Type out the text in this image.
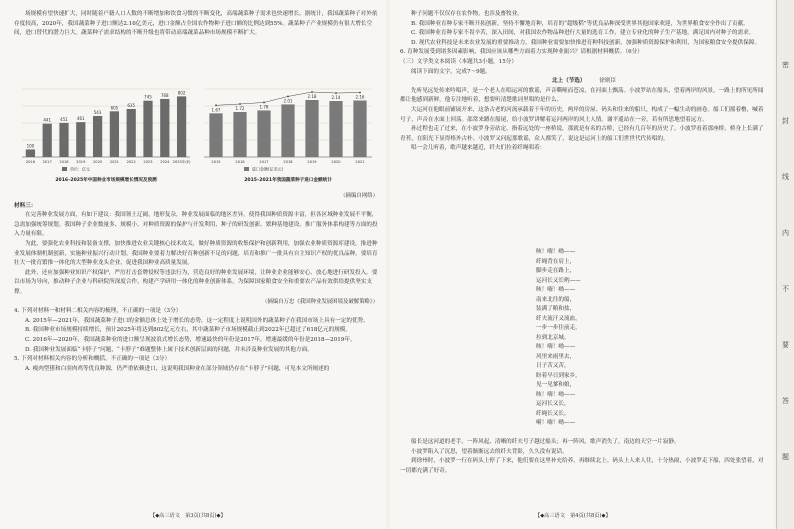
场规模有望快速扩大，同时随着户籍人口人数的不断增加和饮食习惯的不断变化，高端蔬菜种子需求也快速增长。据统计，我国蔬菜种子对外依存度较高，2020年，我国蔬菜种子进口额达2.16亿美元，进口金额占全国农作物种子进口额的比例达到55%。蔬菜种子产业规模仍有很大增长空间，进口替代的潜力巨大。蔬菜种子需求结构的不断升级也将带动高端蔬菜品种市场规模不断扩大。

100
2016
441
2017
451
2018
461
2019
543
2020
605
2021
635
2022
745
2023
768
2024
802
2025年(E)
单位：亿元
2016–2025年中国种业市场规模增长情况及预测
1.67
2015
1.72
2016
1.78
2017
2.01
2018
2.18
2019
2.14
2020
2.16
2021
进口金额(亿美元)
2015–2021年我国蔬菜种子进口金额统计
（摘编自网络）

材料三：

在完善种业发展方面，有如下建议：我国领土辽阔，地形复杂，种业发展面临的地区差异，使得我国种质资源丰富，但各区域种业发展不平衡，急需加强统筹规划。我国种子企业数量多、规模小，对种质资源的保护与开发利用、种子的研发创新、繁种基地建设、推广服务体系构建等方面的投入力量有限。

为此，要强化农业科技和装备支撑，加快推进农业关键核心技术攻关，做好种质资源的收集保护和创新利用，加强农业种质资源库建设，推进种业发展体制机制创新，实施种业振兴行动计划。我国种业要着力解决好育种创新不足的问题，培育和推广一批具有自主知识产权的优良品种。要培育壮大一批育繁推一体化的大型种业龙头企业，促进我国种业高质量发展。

此外，还应加强种业知识产权保护，严厉打击套牌侵权等违法行为，营造良好的种业发展环境，让种业企业能够安心、放心地进行研发投入。要以市场为导向，推动种子企业与科研院所深度合作，构建产学研用一体化的种业创新体系，为保障国家粮食安全和重要农产品有效供给提供坚实支撑。

（摘编自万忠《我国种业发展困境及破解策略》）

4. 下列对材料一和材料二相关内容的梳理，不正确的一项是（3分）

A. 2015年—2021年，我国蔬菜种子进口的金额总体上处于增长的态势，这一定程度上说明国外的蔬菜种子在我国市场上具有一定的优势。

B. 我国种业市场规模持续增长，预计2025年将达到802亿元左右，其中蔬菜种子市场规模截止到2022年已超过了618亿元的规模。

C. 2016年—2020年，我国蔬菜种业的进口额呈现波浪式增长态势，增速最快的年份是2017年，增速最缓的年份是2018—2019年。

D. 我国种业发展面临“卡脖子”问题，“卡脖子”难题整体上属于技术创新层面的问题，并未涉及种业发展的其他方面。

5. 下列对材料相关内容的分析和概括，不正确的一项是（3分）

A. 瘦肉型猪和白羽肉鸡等优良种源，仍严重依赖进口，这说明我国种业在部分领域仍存在“卡脖子”问题，可见本文所阐述的

【◆高三语文　第3页(共8页)◆】

种子问题不仅仅存在农作物，也涉及畜牧业。

B. 我国种业育种专家不断开拓创新，坚持不懈地育种，培育的“超级稻”等优良品种深受世界其他国家欢迎，为世界粮食安全作出了贡献。

C. 我国种业育种专家不畏辛苦，深入田间，对我国农作物品种进行大量的选育工作，建立专业化的种子生产基地，满足国内对种子的需求。

D. 现代农业科技是未来农业发展的重要推动力，我国种业需要加快推进育种科技创新，加强种质资源保护和利用，为国家粮食安全提供保障。

6. 育种发展受到诸多因素影响，我国应该从哪些方面着力实现种业振兴？请根据材料概括。（6分）

（三）文学类文本阅读（本题共3小题，15分）

阅读下面的文字，完成7～9题。

北上（节选） 徐则臣

先听见远处传来吟唱声，是一个老人在唱运河的歌谣，声音嘶哑而苍凉，在河面上飘荡。小波罗站在船头，望着两岸的风景，一路上的所见所闻都让他感到新鲜，他专注地听着，想要听清楚歌词里唱的是什么。

大运河在他眼前铺展开来，这条古老的河流承载着千年的历史，两岸的房屋、码头和往来的船只，构成了一幅生动的画卷。船工们摇着橹，喊着号子，声音在水面上回荡。邵常来蹲在船尾，给小波罗讲解着运河两岸的风土人情。谢平遥站在一旁，若有所思地望着远方。

孙过程也走了过来，在小波罗身旁站定，指着远处的一座桥说，那就是有名的古桥，已经有几百年的历史了。小波罗看着那座桥，桥身上长满了青苔，在阳光下显得格外古朴。小波罗又问起那歌谣，众人都笑了，说这是运河上的船工们世世代代传唱的。

唱一会儿听着，歌声越来越近，纤夫们拉着纤绳唱着：

咳！嗨！呦——
纤绳背在肩上，
脚步走在路上，
运河长又长哟——
咳！嗨！呦——
南来北往的船，
装满了粮和盐，
纤夫流汗又流血，
一步一步往前走，
拉到北京城。
咳！嗨！呦——
风里来雨里去，
日子苦又苦，
盼着早日到家乡，
见一见爹和娘，
咳！嗨！呦——
运河长又长，
纤绳长又长。
嗬！嗨！呦——

船长是这河道的老手，一阵风起，清晰的纤夫号子越过船头；再一阵风，歌声消失了，南边的天空一片寂静。

小波罗陷入了沉思，望着渐渐远去的纤夫背影，久久没有说话。

到徐州时，小波罗一行在码头上停了下来，他们要在这里补充给养，再继续北上。码头上人来人往，十分热闹，小波罗走下船，四处张望着，对一切都充满了好奇。

【◆高三语文　第4页(共8页)◆】
密
封
线
内
不
要
答
题
